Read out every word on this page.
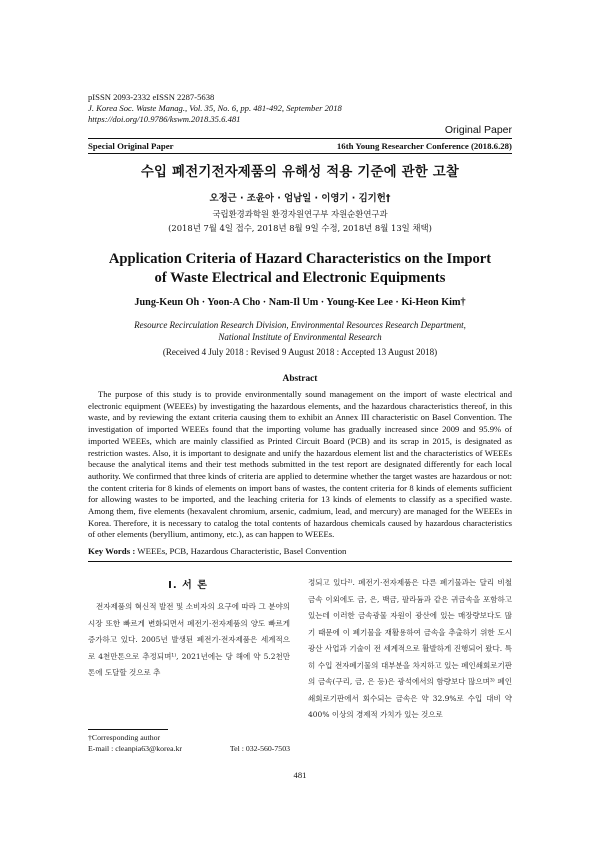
pISSN 2093-2332 eISSN 2287-5638
J. Korea Soc. Waste Manag., Vol. 35, No. 6, pp. 481-492, September 2018
https://doi.org/10.9786/kswm.2018.35.6.481
Original Paper
Special Original Paper	16th Young Researcher Conference (2018.6.28)
수입 폐전기전자제품의 유해성 적용 기준에 관한 고찰
오정근 · 조윤아 · 엄남일 · 이영기 · 김기헌†
국립환경과학원 환경자원연구부 자원순환연구과
(2018년 7월 4일 접수, 2018년 8월 9일 수정, 2018년 8월 13일 채택)
Application Criteria of Hazard Characteristics on the Import
of Waste Electrical and Electronic Equipments
Jung-Keun Oh · Yoon-A Cho · Nam-Il Um · Young-Kee Lee · Ki-Heon Kim†
Resource Recirculation Research Division, Environmental Resources Research Department,
National Institute of Environmental Research
(Received 4 July 2018 : Revised 9 August 2018 : Accepted 13 August 2018)
Abstract

The purpose of this study is to provide environmentally sound management on the import of waste electrical and electronic equipment (WEEEs) by investigating the hazardous elements, and the hazardous characteristics thereof, in this waste, and by reviewing the extant criteria causing them to exhibit an Annex III characteristic on Basel Convention. The investigation of imported WEEEs found that the importing volume has gradually increased since 2009 and 95.9% of imported WEEEs, which are mainly classified as Printed Circuit Board (PCB) and its scrap in 2015, is designated as restriction wastes. Also, it is important to designate and unify the hazardous element list and the characteristics of WEEEs because the analytical items and their test methods submitted in the test report are designated differently for each local authority. We confirmed that three kinds of criteria are applied to determine whether the target wastes are hazardous or not: the content criteria for 8 kinds of elements on import bans of wastes, the content criteria for 8 kinds of elements sufficient for allowing wastes to be imported, and the leaching criteria for 13 kinds of elements to classify as a specified waste. Among them, five elements (hexavalent chromium, arsenic, cadmium, lead, and mercury) are managed for the WEEEs in Korea. Therefore, it is necessary to catalog the total contents of hazardous chemicals caused by hazardous characteristics of other elements (beryllium, antimony, etc.), as can happen to WEEEs.

Key Words : WEEEs, PCB, Hazardous Characteristic, Basel Convention
I. 서 론

전자제품의 혁신적 발전 및 소비자의 요구에 따라 그 분야의 시장 또한 빠르게 변화되면서 폐전기·전자제품의 양도 빠르게 증가하고 있다. 2005년 발생된 폐전기·전자제품은 세계적으로 4천만톤으로 추정되며¹⁾, 2021년에는 당 해에 약 5.2천만톤에 도달할 것으로 추

정되고 있다²⁾. 폐전기·전자제품은 다른 폐기물과는 달리 비철금속 이외에도 금, 은, 백금, 팔라듐과 같은 귀금속을 포함하고 있는데 이러한 금속광물 자원이 광산에 있는 매장량보다도 많기 때문에 이 폐기물을 재활용하여 금속을 추출하기 위한 도시광산 사업과 기술이 전 세계적으로 활발하게 진행되어 왔다. 특히 수입 전자폐기물의 대부분을 차지하고 있는 폐인쇄회로기판의 금속(구리, 금, 은 등)은 광석에서의 함량보다 많으며³⁾ 폐인쇄회로기판에서 회수되는 금속은 약 32.9%로 수입 대비 약 400% 이상의 경제적 가치가 있는 것으로

†Corresponding author
E-mail : cleanpia63@korea.kr	Tel : 032-560-7503
481
